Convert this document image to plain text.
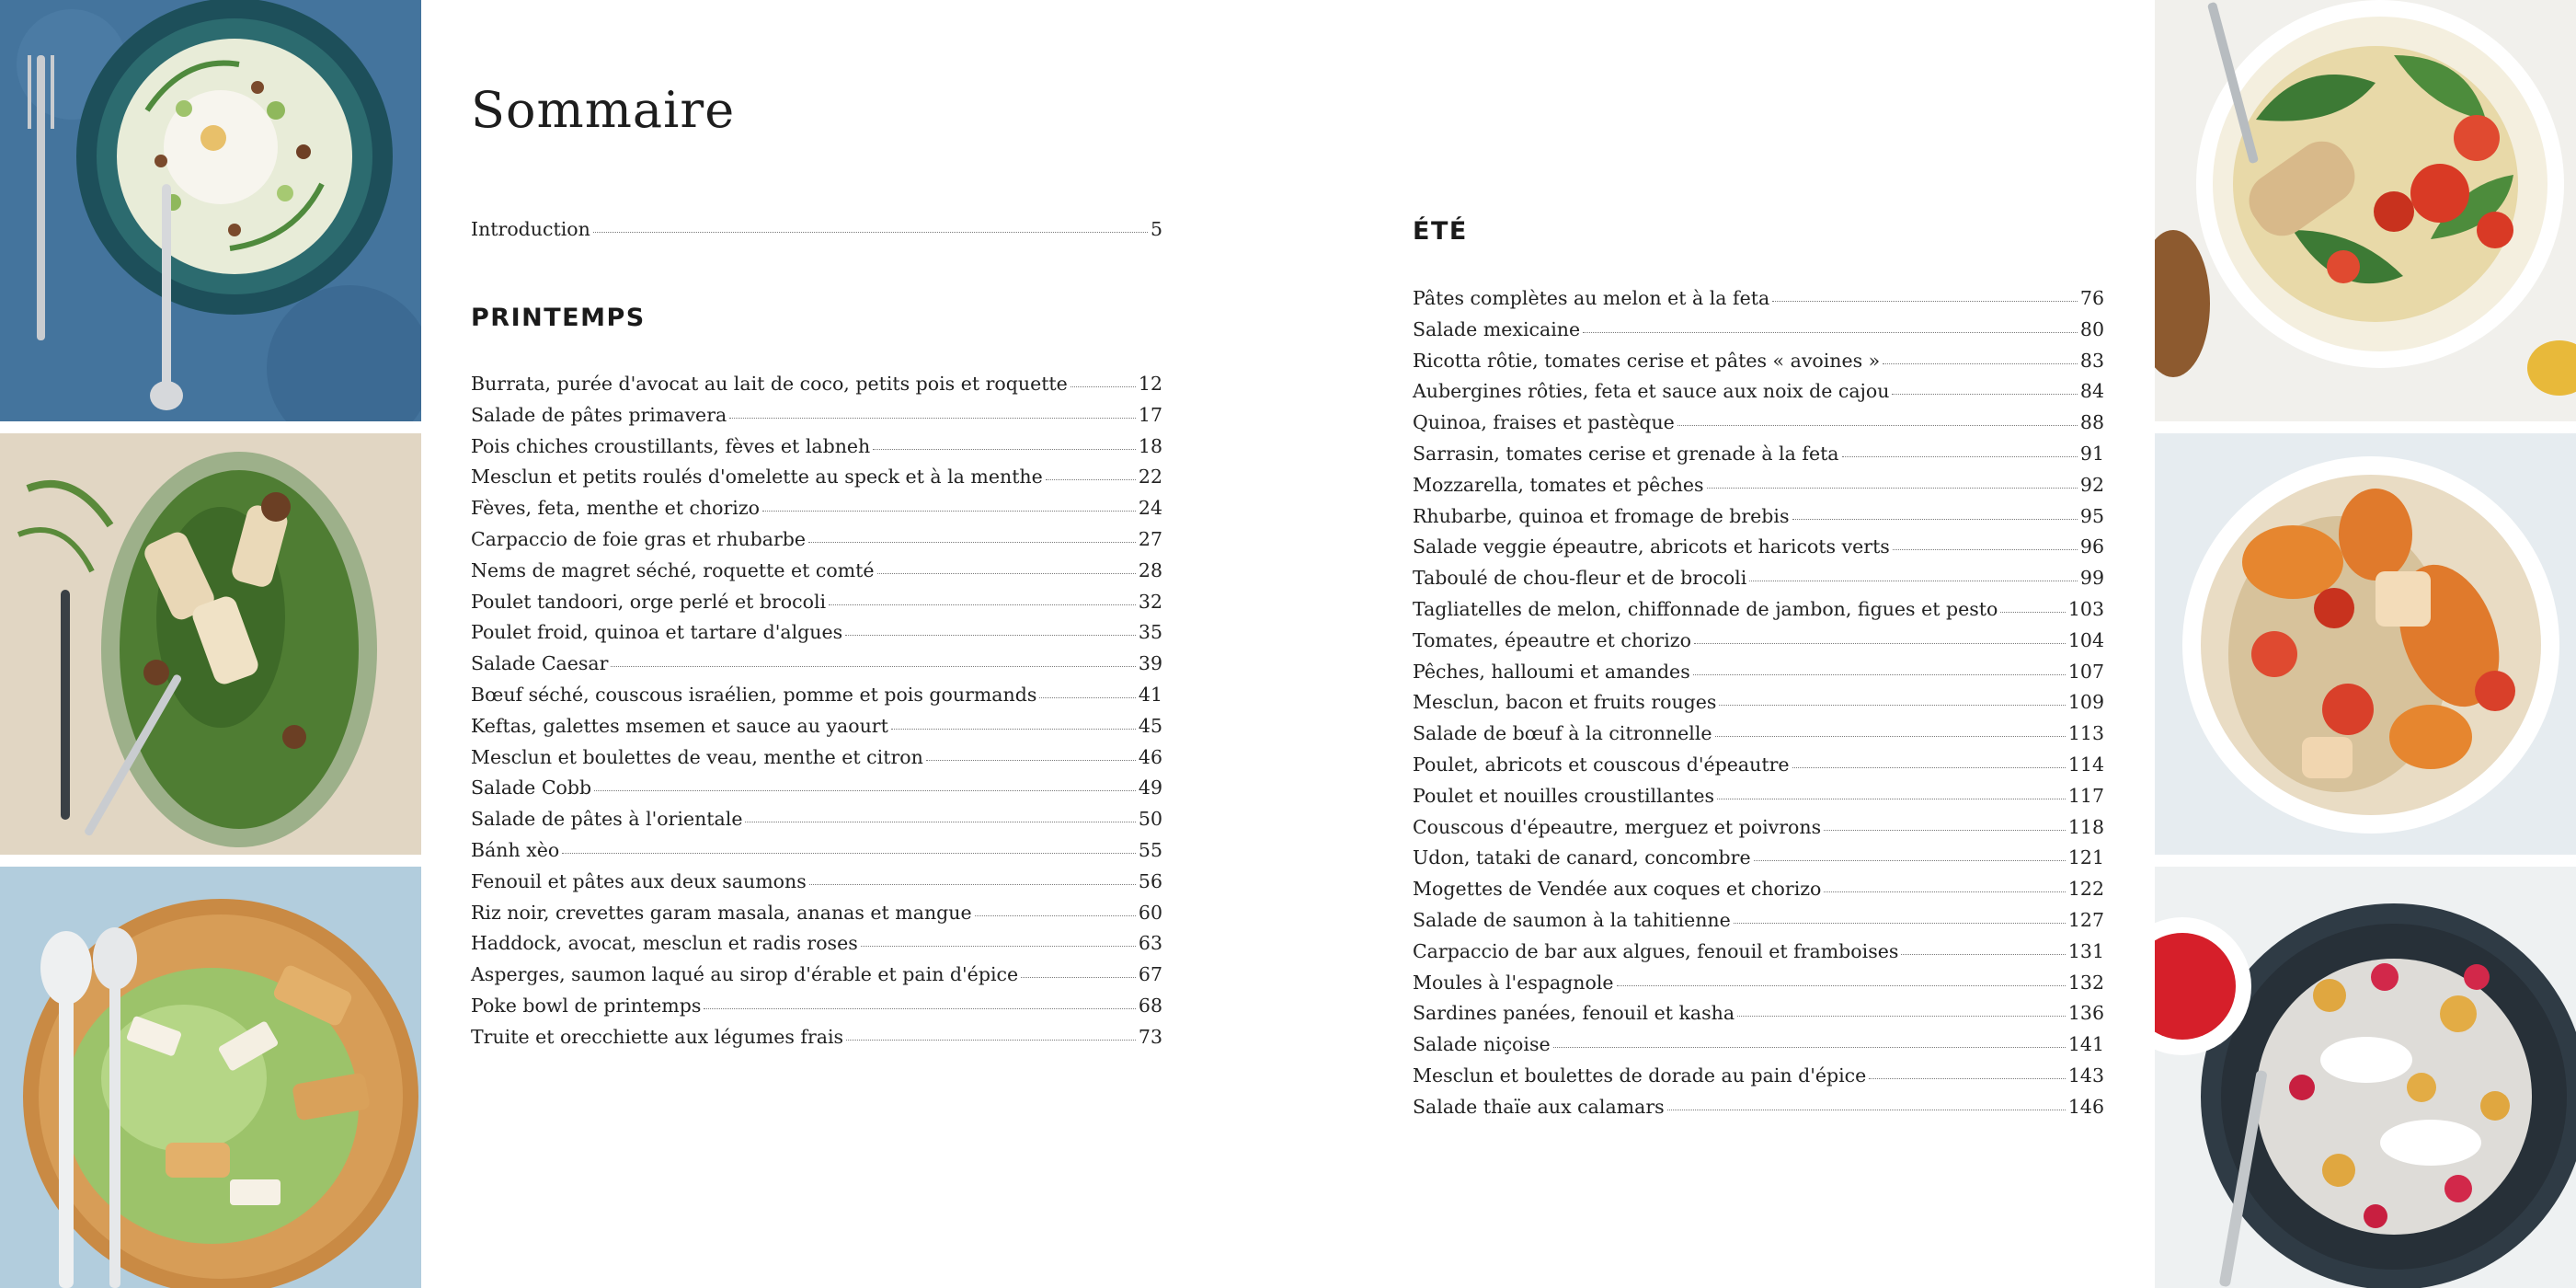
Sommaire
Introduction	5
PRINTEMPS
Burrata, purée d'avocat au lait de coco, petits pois et roquette	12
Salade de pâtes primavera	17
Pois chiches croustillants, fèves et labneh	18
Mesclun et petits roulés d'omelette au speck et à la menthe	22
Fèves, feta, menthe et chorizo	24
Carpaccio de foie gras et rhubarbe	27
Nems de magret séché, roquette et comté	28
Poulet tandoori, orge perlé et brocoli	32
Poulet froid, quinoa et tartare d'algues	35
Salade Caesar	39
Bœuf séché, couscous israélien, pomme et pois gourmands	41
Keftas, galettes msemen et sauce au yaourt	45
Mesclun et boulettes de veau, menthe et citron	46
Salade Cobb	49
Salade de pâtes à l'orientale	50
Bánh xèo	55
Fenouil et pâtes aux deux saumons	56
Riz noir, crevettes garam masala, ananas et mangue	60
Haddock, avocat, mesclun et radis roses	63
Asperges, saumon laqué au sirop d'érable et pain d'épice	67
Poke bowl de printemps	68
Truite et orecchiette aux légumes frais	73
ÉTÉ
Pâtes complètes au melon et à la feta	76
Salade mexicaine	80
Ricotta rôtie, tomates cerise et pâtes « avoines »	83
Aubergines rôties, feta et sauce aux noix de cajou	84
Quinoa, fraises et pastèque	88
Sarrasin, tomates cerise et grenade à la feta	91
Mozzarella, tomates et pêches	92
Rhubarbe, quinoa et fromage de brebis	95
Salade veggie épeautre, abricots et haricots verts	96
Taboulé de chou-fleur et de brocoli	99
Tagliatelles de melon, chiffonnade de jambon, figues et pesto	103
Tomates, épeautre et chorizo	104
Pêches, halloumi et amandes	107
Mesclun, bacon et fruits rouges	109
Salade de bœuf à la citronnelle	113
Poulet, abricots et couscous d'épeautre	114
Poulet et nouilles croustillantes	117
Couscous d'épeautre, merguez et poivrons	118
Udon, tataki de canard, concombre	121
Mogettes de Vendée aux coques et chorizo	122
Salade de saumon à la tahitienne	127
Carpaccio de bar aux algues, fenouil et framboises	131
Moules à l'espagnole	132
Sardines panées, fenouil et kasha	136
Salade niçoise	141
Mesclun et boulettes de dorade au pain d'épice	143
Salade thaïe aux calamars	146
